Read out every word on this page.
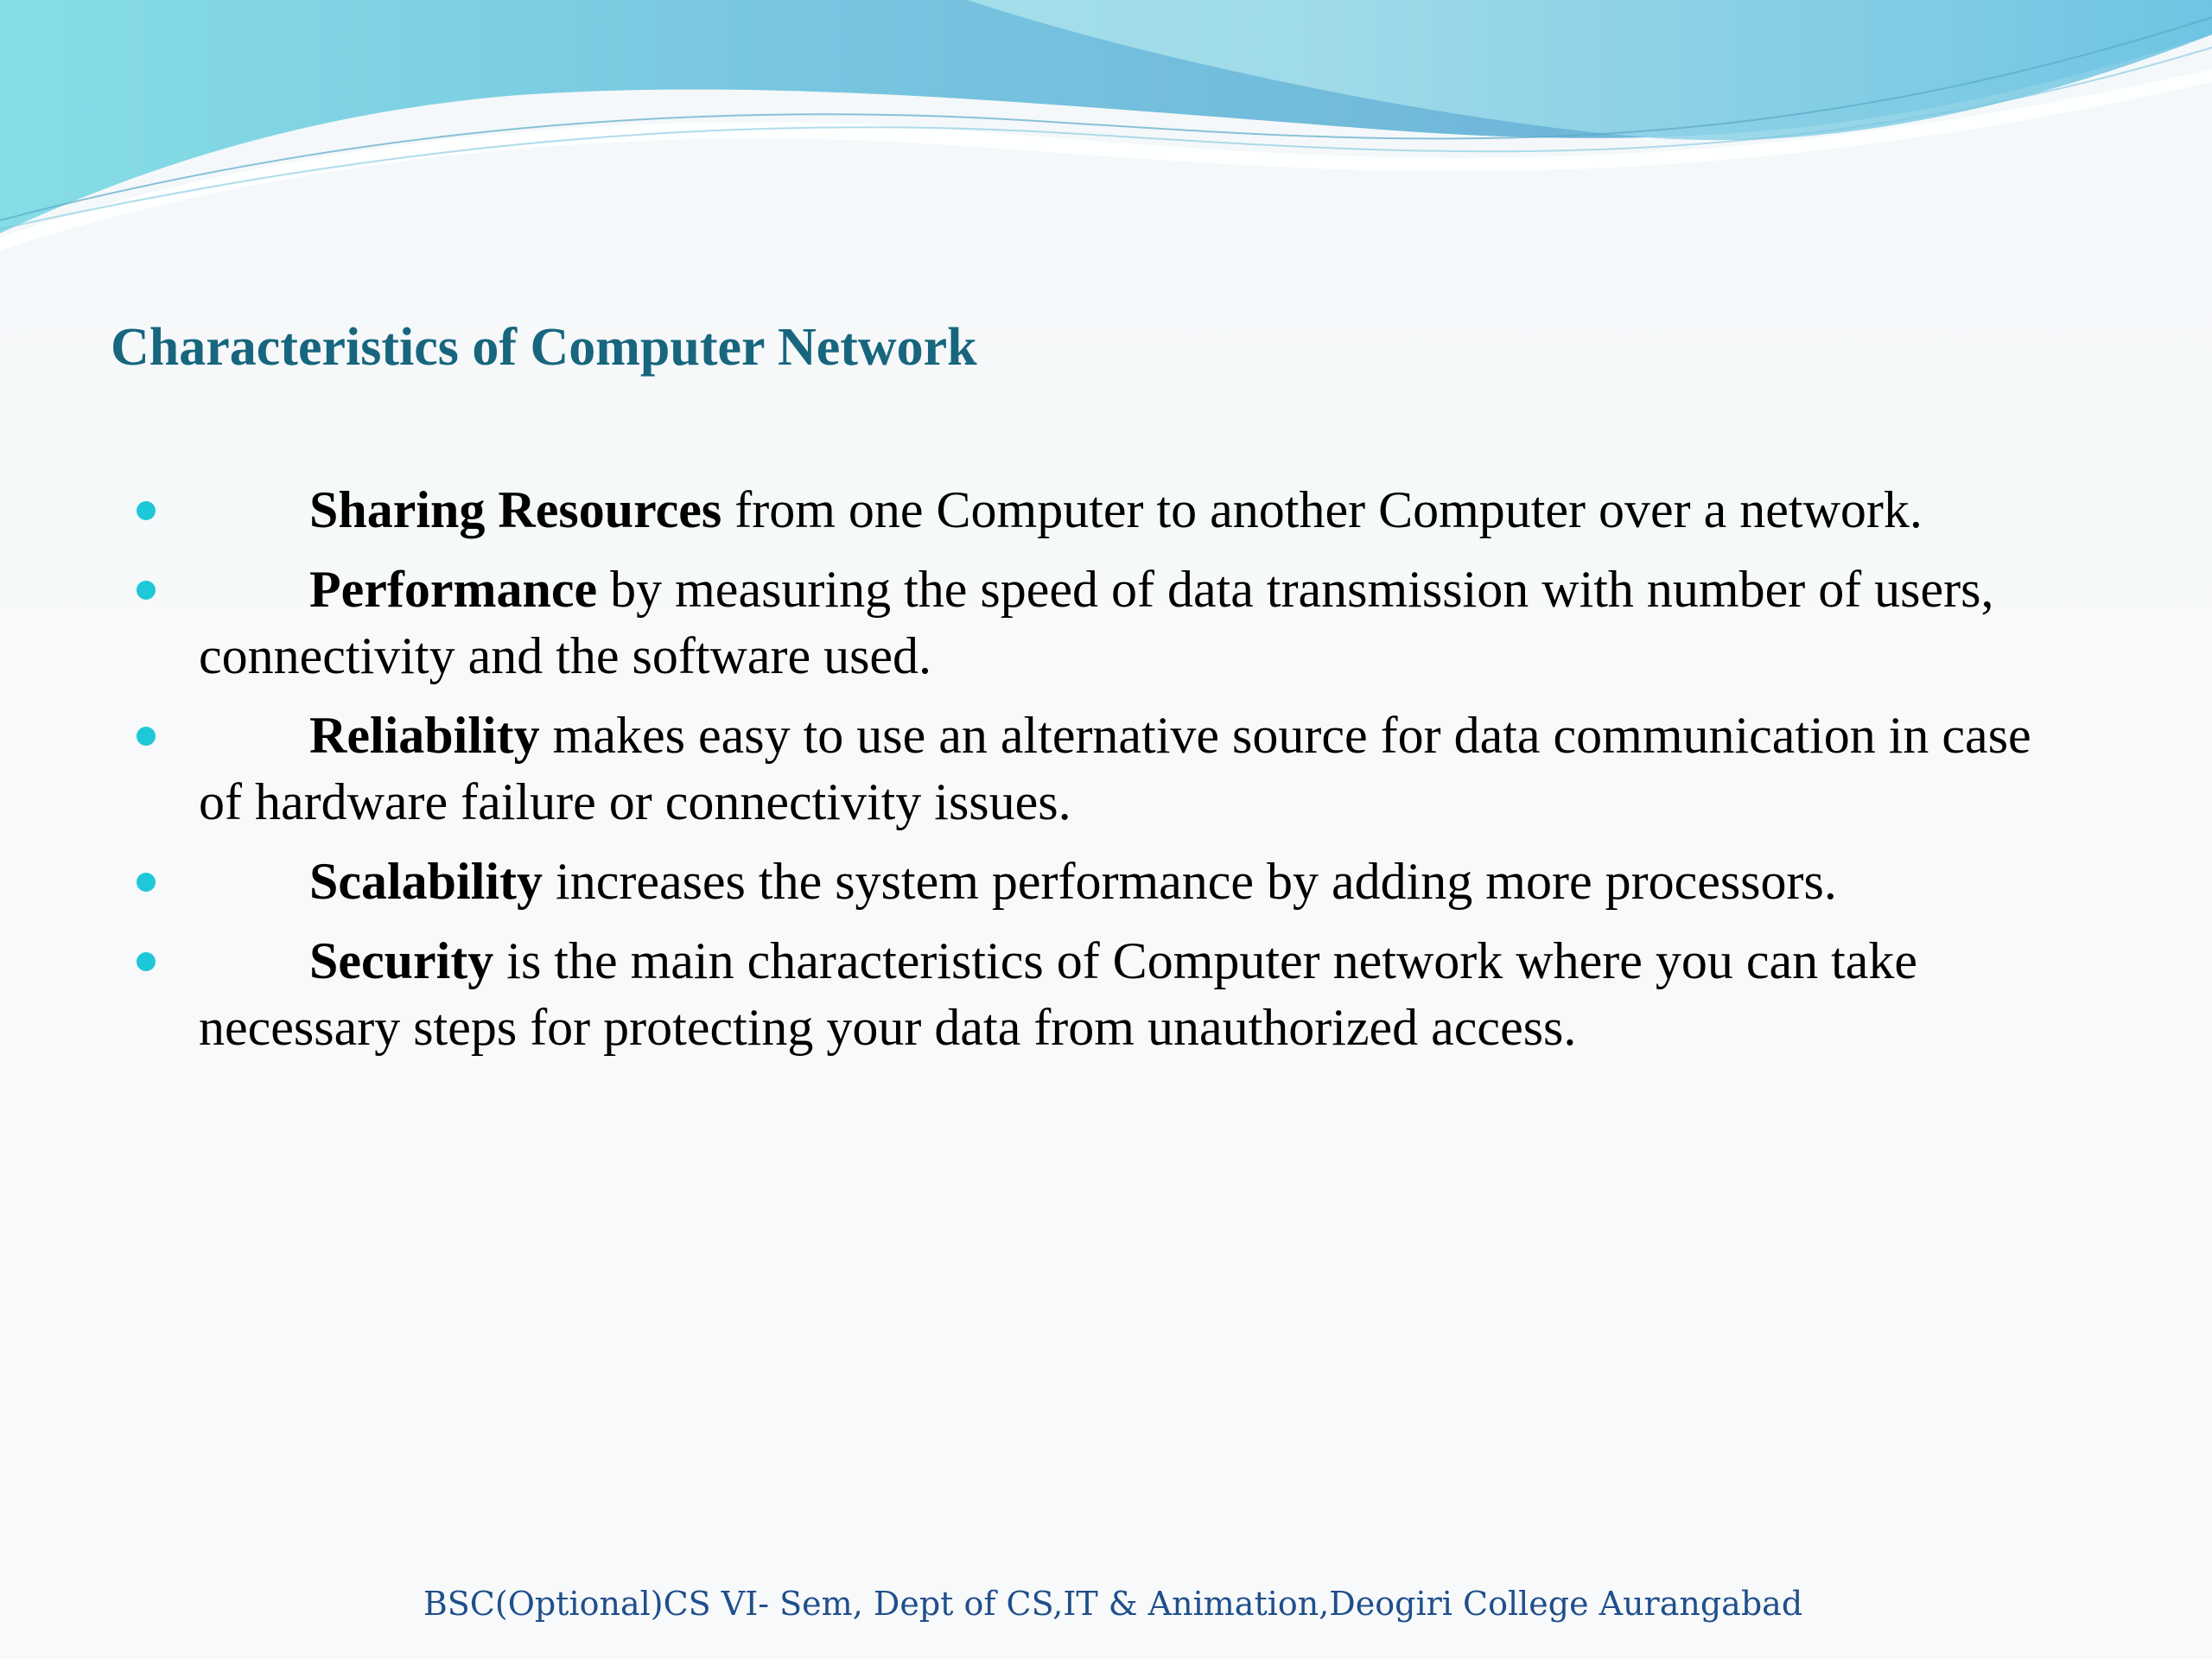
Characteristics of Computer Network
Sharing Resources from one Computer to another Computer over a network.
Performance by measuring the speed of data transmission with number of users, connectivity and the software used.
Reliability makes easy to use an alternative source for data communication in case of hardware failure or connectivity issues.
Scalability increases the system performance by adding more processors.
Security is the main characteristics of Computer network where you can take necessary steps for protecting your data from unauthorized access.

BSC(Optional)CS VI- Sem, Dept of CS,IT & Animation,Deogiri College Aurangabad
